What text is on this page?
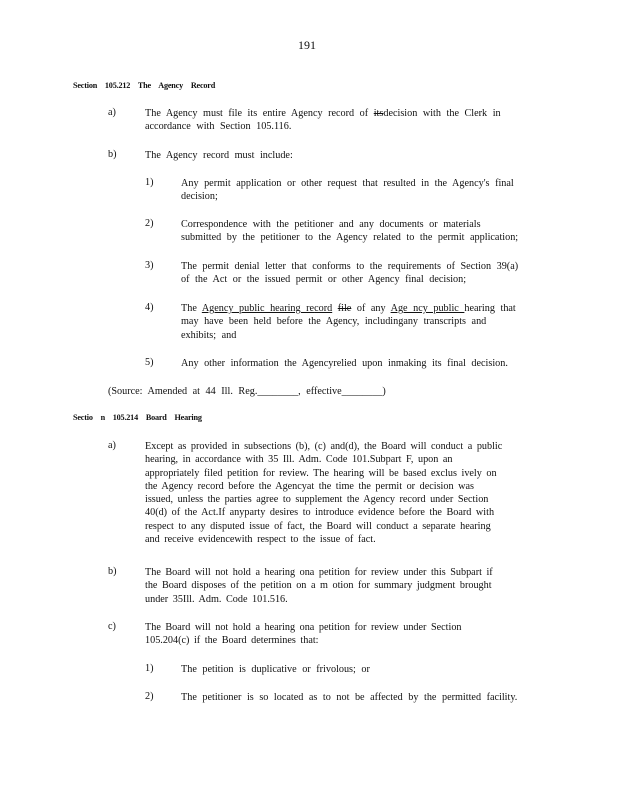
191
Section 105.212 The Agency Record
a)	The Agency must file its entire Agency record of itsdecision with the Clerk in
accordance with Section 105.116.
b)	The Agency record must include:
1)	Any permit application or other request that resulted in the Agency's final
decision;
2)	Correspondence with the petitioner and any documents or materials
submitted by the petitioner to the Agency related to the permit application;
3)	The permit denial letter that conforms to the requirements of Section 39(a)
of the Act or the issued permit or other Agency final decision;
4)	The Agency public hearing record file of any Age ncy public hearing that
may have been held before the Agency, includingany transcripts and
exhibits; and
5)	Any other information the Agencyrelied upon inmaking its final decision.
(Source: Amended at 44 Ill. Reg.________, effective________)
Sectio n 105.214 Board Hearing
a)	Except as provided in subsections (b), (c) and(d), the Board will conduct a public
hearing, in accordance with 35 Ill. Adm. Code 101.Subpart F, upon an
appropriately filed petition for review. The hearing will be based exclus ively on
the Agency record before the Agencyat the time the permit or decision was
issued, unless the parties agree to supplement the Agency record under Section
40(d) of the Act.If anyparty desires to introduce evidence before the Board with
respect to any disputed issue of fact, the Board will conduct a separate hearing
and receive evidencewith respect to the issue of fact.
b)	The Board will not hold a hearing ona petition for review under this Subpart if
the Board disposes of the petition on a m otion for summary judgment brought
under 35Ill. Adm. Code 101.516.
c)	The Board will not hold a hearing ona petition for review under Section
105.204(c) if the Board determines that:
1)	The petition is duplicative or frivolous; or
2)	The petitioner is so located as to not be affected by the permitted facility.
